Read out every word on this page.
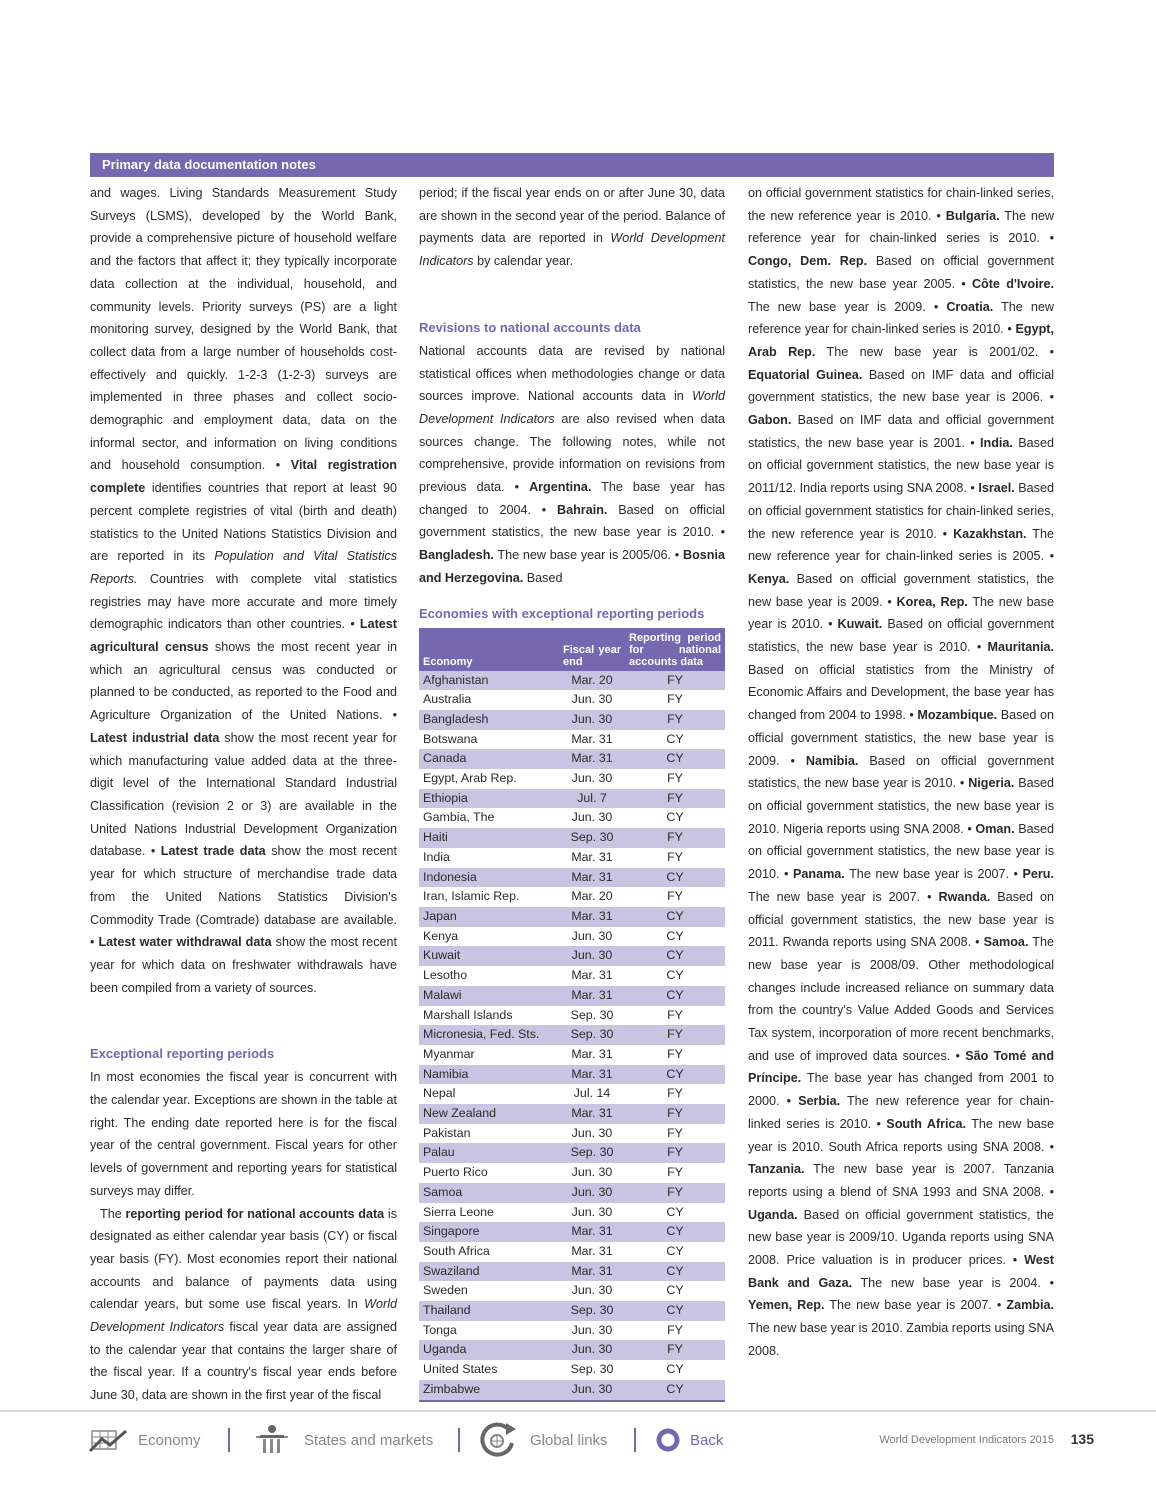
Primary data documentation notes

and wages. Living Standards Measurement Study Surveys (LSMS), developed by the World Bank, provide a comprehensive picture of household welfare and the factors that affect it; they typically incorporate data collection at the individual, household, and community levels. Priority surveys (PS) are a light monitoring survey, designed by the World Bank, that collect data from a large number of households cost-effectively and quickly. 1-2-3 (1-2-3) surveys are implemented in three phases and collect socio-demographic and employment data, data on the informal sector, and information on living conditions and household consumption. • Vital registration complete identifies countries that report at least 90 percent complete registries of vital (birth and death) statistics to the United Nations Statistics Division and are reported in its Population and Vital Statistics Reports. Countries with complete vital statistics registries may have more accurate and more timely demographic indicators than other countries. • Latest agricultural census shows the most recent year in which an agricultural census was conducted or planned to be conducted, as reported to the Food and Agriculture Organization of the United Nations. • Latest industrial data show the most recent year for which manufacturing value added data at the three-digit level of the International Standard Industrial Classification (revision 2 or 3) are available in the United Nations Industrial Development Organization database. • Latest trade data show the most recent year for which structure of merchandise trade data from the United Nations Statistics Division's Commodity Trade (Comtrade) database are available. • Latest water withdrawal data show the most recent year for which data on freshwater withdrawals have been compiled from a variety of sources.

Exceptional reporting periods

In most economies the fiscal year is concurrent with the calendar year. Exceptions are shown in the table at right. The ending date reported here is for the fiscal year of the central government. Fiscal years for other levels of government and reporting years for statistical surveys may differ.

The reporting period for national accounts data is designated as either calendar year basis (CY) or fiscal year basis (FY). Most economies report their national accounts and balance of payments data using calendar years, but some use fiscal years. In World Development Indicators fiscal year data are assigned to the calendar year that contains the larger share of the fiscal year. If a country's fiscal year ends before June 30, data are shown in the first year of the fiscal

period; if the fiscal year ends on or after June 30, data are shown in the second year of the period. Balance of payments data are reported in World Development Indicators by calendar year.

Revisions to national accounts data

National accounts data are revised by national statistical offices when methodologies change or data sources improve. National accounts data in World Development Indicators are also revised when data sources change. The following notes, while not comprehensive, provide information on revisions from previous data. • Argentina. The base year has changed to 2004. • Bahrain. Based on official government statistics, the new base year is 2010. • Bangladesh. The new base year is 2005/06. • Bosnia and Herzegovina. Based

Economies with exceptional reporting periods
Economy	Fiscal year end	Reporting period for national accounts data
Afghanistan	Mar. 20	FY
Australia	Jun. 30	FY
Bangladesh	Jun. 30	FY
Botswana	Mar. 31	CY
Canada	Mar. 31	CY
Egypt, Arab Rep.	Jun. 30	FY
Ethiopia	Jul. 7	FY
Gambia, The	Jun. 30	CY
Haiti	Sep. 30	FY
India	Mar. 31	FY
Indonesia	Mar. 31	CY
Iran, Islamic Rep.	Mar. 20	FY
Japan	Mar. 31	CY
Kenya	Jun. 30	CY
Kuwait	Jun. 30	CY
Lesotho	Mar. 31	CY
Malawi	Mar. 31	CY
Marshall Islands	Sep. 30	FY
Micronesia, Fed. Sts.	Sep. 30	FY
Myanmar	Mar. 31	FY
Namibia	Mar. 31	CY
Nepal	Jul. 14	FY
New Zealand	Mar. 31	FY
Pakistan	Jun. 30	FY
Palau	Sep. 30	FY
Puerto Rico	Jun. 30	FY
Samoa	Jun. 30	FY
Sierra Leone	Jun. 30	CY
Singapore	Mar. 31	CY
South Africa	Mar. 31	CY
Swaziland	Mar. 31	CY
Sweden	Jun. 30	CY
Thailand	Sep. 30	CY
Tonga	Jun. 30	FY
Uganda	Jun. 30	FY
United States	Sep. 30	CY
Zimbabwe	Jun. 30	CY

on official government statistics for chain-linked series, the new reference year is 2010. • Bulgaria. The new reference year for chain-linked series is 2010. • Congo, Dem. Rep. Based on official government statistics, the new base year 2005. • Côte d'Ivoire. The new base year is 2009. • Croatia. The new reference year for chain-linked series is 2010. • Egypt, Arab Rep. The new base year is 2001/02. • Equatorial Guinea. Based on IMF data and official government statistics, the new base year is 2006. • Gabon. Based on IMF data and official government statistics, the new base year is 2001. • India. Based on official government statistics, the new base year is 2011/12. India reports using SNA 2008. • Israel. Based on official government statistics for chain-linked series, the new reference year is 2010. • Kazakhstan. The new reference year for chain-linked series is 2005. • Kenya. Based on official government statistics, the new base year is 2009. • Korea, Rep. The new base year is 2010. • Kuwait. Based on official government statistics, the new base year is 2010. • Mauritania. Based on official statistics from the Ministry of Economic Affairs and Development, the base year has changed from 2004 to 1998. • Mozambique. Based on official government statistics, the new base year is 2009. • Namibia. Based on official government statistics, the new base year is 2010. • Nigeria. Based on official government statistics, the new base year is 2010. Nigeria reports using SNA 2008. • Oman. Based on official government statistics, the new base year is 2010. • Panama. The new base year is 2007. • Peru. The new base year is 2007. • Rwanda. Based on official government statistics, the new base year is 2011. Rwanda reports using SNA 2008. • Samoa. The new base year is 2008/09. Other methodological changes include increased reliance on summary data from the country's Value Added Goods and Services Tax system, incorporation of more recent benchmarks, and use of improved data sources. • São Tomé and Príncipe. The base year has changed from 2001 to 2000. • Serbia. The new reference year for chain-linked series is 2010. • South Africa. The new base year is 2010. South Africa reports using SNA 2008. • Tanzania. The new base year is 2007. Tanzania reports using a blend of SNA 1993 and SNA 2008. • Uganda. Based on official government statistics, the new base year is 2009/10. Uganda reports using SNA 2008. Price valuation is in producer prices. • West Bank and Gaza. The new base year is 2004. • Yemen, Rep. The new base year is 2007. • Zambia. The new base year is 2010. Zambia reports using SNA 2008.

Economy	States and markets	Global links	Back	World Development Indicators 2015 135
